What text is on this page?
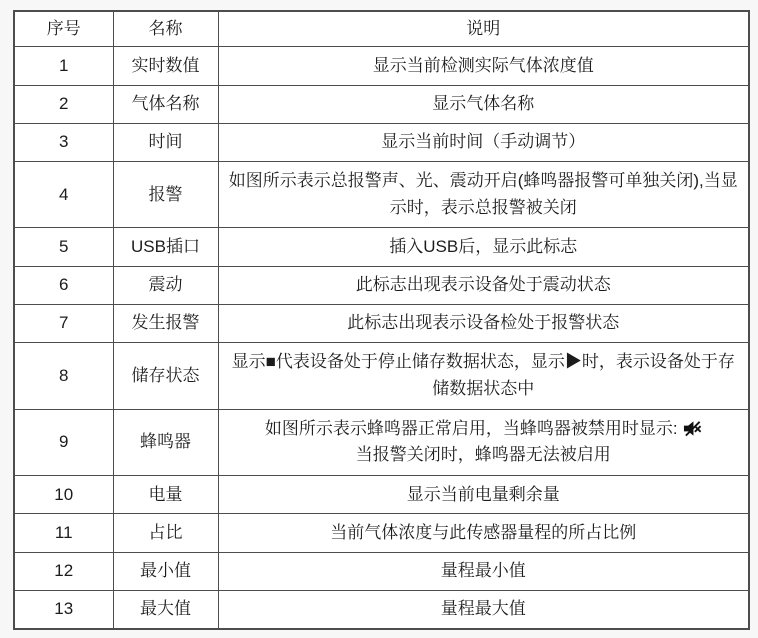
序号	名称	说明
1	实时数值	显示当前检测实际气体浓度值
2	气体名称	显示气体名称
3	时间	显示当前时间（手动调节）
4	报警	如图所示表示总报警声、光、震动开启(蜂鸣器报警可单独关闭),当显示时，表示总报警被关闭
5	USB插口	插入USB后，显示此标志
6	震动	此标志出现表示设备处于震动状态
7	发生报警	此标志出现表示设备检处于报警状态
8	储存状态	显示■代表设备处于停止储存数据状态，显示▶时，表示设备处于存储数据状态中
9	蜂鸣器	如图所示表示蜂鸣器正常启用，当蜂鸣器被禁用时显示:
当报警关闭时，蜂鸣器无法被启用

10	电量	显示当前电量剩余量
11	占比	当前气体浓度与此传感器量程的所占比例
12	最小值	量程最小值
13	最大值	量程最大值
